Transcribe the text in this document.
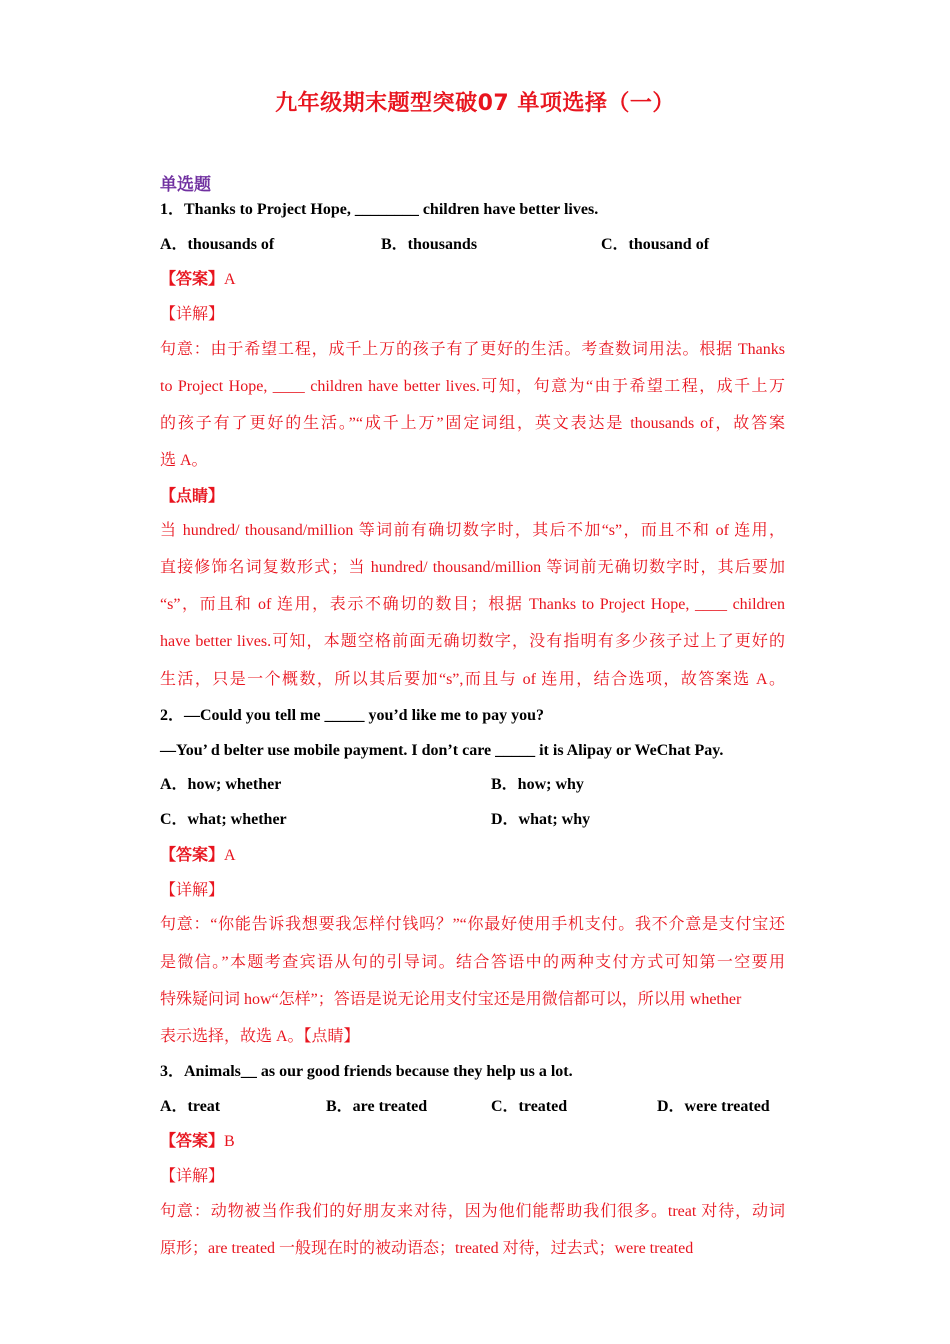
九年级期末题型突破07 单项选择（一）
单选题
1．Thanks to Project Hope, ________ children have better lives.
A．thousands of	B．thousands	C．thousand of
【答案】A
【详解】
句意：由于希望工程，成千上万的孩子有了更好的生活。考查数词用法。根据 Thanks
to Project Hope, ____ children have better lives.可知，句意为“由于希望工程，成千上万
的孩子有了更好的生活。”“成千上万”固定词组，英文表达是 thousands of，故答案
选 A。
【点睛】
当 hundred/ thousand/million 等词前有确切数字时，其后不加“s”，而且不和 of 连用，
直接修饰名词复数形式；当 hundred/ thousand/million 等词前无确切数字时，其后要加
“s”，而且和 of 连用，表示不确切的数目；根据 Thanks to Project Hope, ____ children
have better lives.可知，本题空格前面无确切数字，没有指明有多少孩子过上了更好的
生活，只是一个概数，所以其后要加“s”,而且与 of 连用，结合选项，故答案选 A。
2．—Could you tell me _____ you’d like me to pay you?
—You’ d belter use mobile payment. I don’t care _____ it is Alipay or WeChat Pay.
A．how; whether	B．how; why
C．what; whether	D．what; why
【答案】A
【详解】
句意：“你能告诉我想要我怎样付钱吗？”“你最好使用手机支付。我不介意是支付宝还
是微信。”本题考查宾语从句的引导词。结合答语中的两种支付方式可知第一空要用
特殊疑问词 how“怎样”；答语是说无论用支付宝还是用微信都可以，所以用 whether
表示选择，故选 A。【点睛】
3．Animals__ as our good friends because they help us a lot.
A．treat	B．are treated	C．treated	D．were treated
【答案】B
【详解】
句意：动物被当作我们的好朋友来对待，因为他们能帮助我们很多。treat 对待，动词
原形；are treated 一般现在时的被动语态；treated 对待，过去式；were treated
